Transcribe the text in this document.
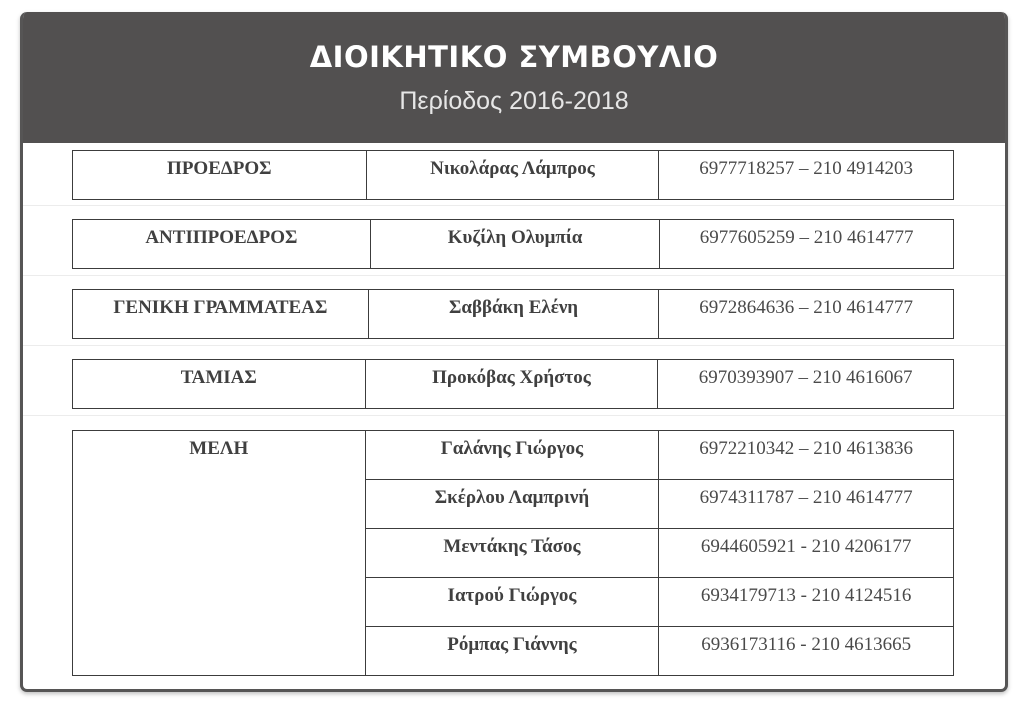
ΔΙΟΙΚΗΤΙΚΟ ΣΥΜΒΟΥΛΙΟ
Περίοδος 2016-2018
ΠΡΟΕΔΡΟΣ	Νικολάρας Λάμπρος	6977718257 – 210 4914203
ΑΝΤΙΠΡΟΕΔΡΟΣ	Κυζίλη Ολυμπία	6977605259 – 210 4614777
ΓΕΝΙΚΗ ΓΡΑΜΜΑΤΕΑΣ	Σαββάκη Ελένη	6972864636 – 210 4614777
ΤΑΜΙΑΣ	Προκόβας Χρήστος	6970393907 – 210 4616067
ΜΕΛΗ	Γαλάνης Γιώργος	6972210342 – 210 4613836
	Σκέρλου Λαμπρινή	6974311787 – 210 4614777
	Μεντάκης Τάσος	6944605921 - 210 4206177
	Ιατρού Γιώργος	6934179713 - 210 4124516
	Ρόμπας Γιάννης	6936173116 - 210 4613665
